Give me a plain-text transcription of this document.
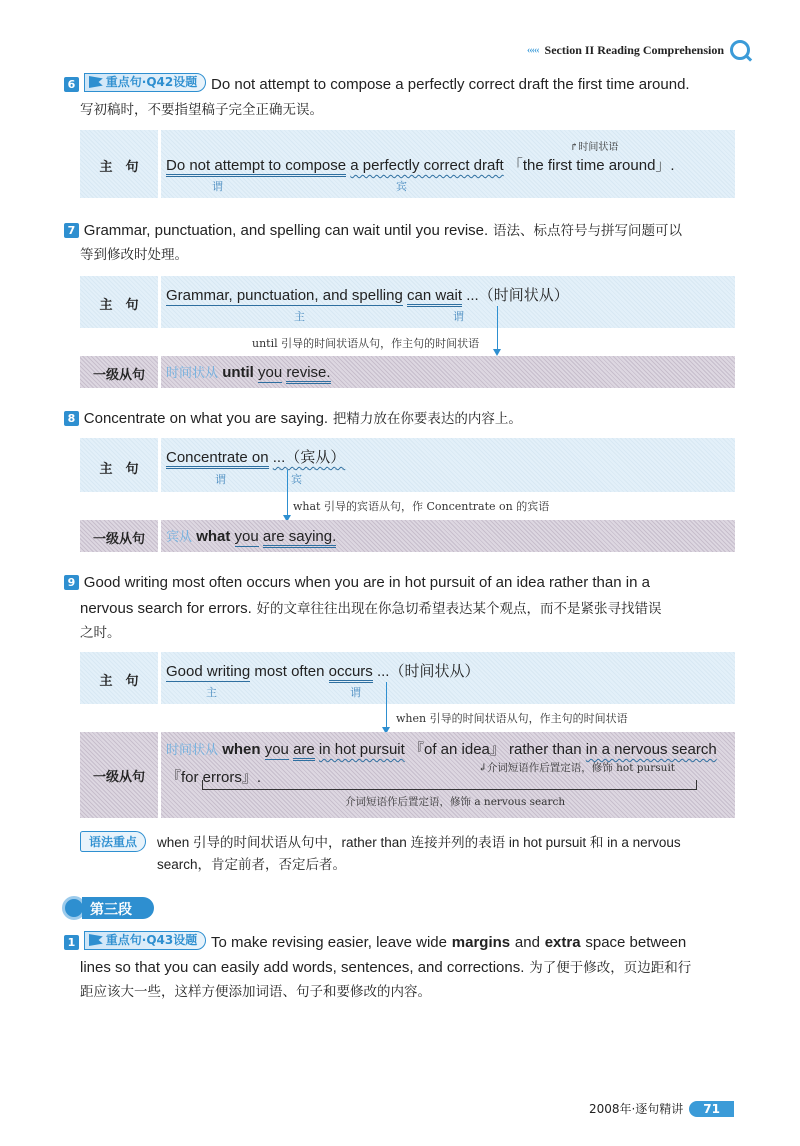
‹‹‹‹‹ Section II Reading Comprehension
6	重点句·Q42设题 Do not attempt to compose a perfectly correct draft the first time around.
写初稿时，不要指望稿子完全正确无误。
主　句
↱时间状语
Do not attempt to compose a perfectly correct draft 「the first time around」.
谓	宾
7 Grammar, punctuation, and spelling can wait until you revise. 语法、标点符号与拼写问题可以
等到修改时处理。
主　句
Grammar, punctuation, and spelling can wait ...（时间状从）
主	谓
until 引导的时间状语从句，作主句的时间状语
一级从句	时间状从 until you revise.
8 Concentrate on what you are saying. 把精力放在你要表达的内容上。
主　句
Concentrate on ...（宾从）
谓	宾
what 引导的宾语从句，作 Concentrate on 的宾语
一级从句	宾从 what you are saying.
9 Good writing most often occurs when you are in hot pursuit of an idea rather than in a
nervous search for errors. 好的文章往往出现在你急切希望表达某个观点，而不是紧张寻找错误
之时。
主　句
Good writing most often occurs ...（时间状从）
主	谓
when 引导的时间状语从句，作主句的时间状语
一级从句
时间状从 when you are in hot pursuit 『of an idea』 rather than in a nervous search
『for errors』.
↲介词短语作后置定语，修饰 hot pursuit
介词短语作后置定语，修饰 a nervous search
语法重点	when 引导的时间状语从句中，rather than 连接并列的表语 in hot pursuit 和 in a nervous
search，肯定前者，否定后者。
第三段
1	重点句·Q43设题 To make revising easier, leave wide margins and extra space between
lines so that you can easily add words, sentences, and corrections. 为了便于修改，页边距和行
距应该大一些，这样方便添加词语、句子和要修改的内容。
2008年·逐句精讲	71
